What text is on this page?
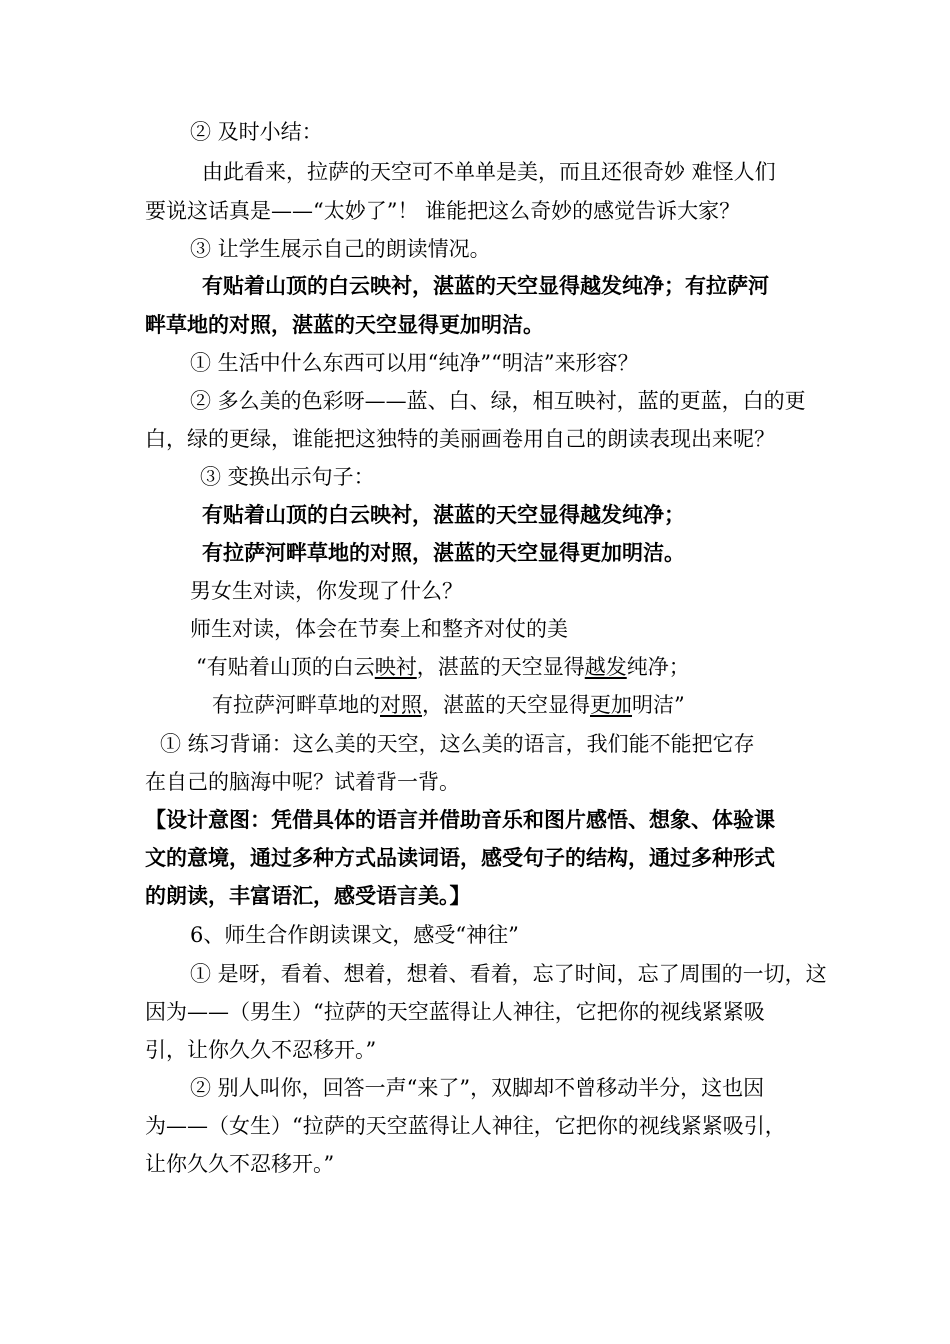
② 及时小结：
由此看来，拉萨的天空可不单单是美，而且还很奇妙 难怪人们
要说这话真是——“太妙了”！ 谁能把这么奇妙的感觉告诉大家？
③ 让学生展示自己的朗读情况。
有贴着山顶的白云映衬，湛蓝的天空显得越发纯净；有拉萨河
畔草地的对照，湛蓝的天空显得更加明洁。
① 生活中什么东西可以用“纯净”“明洁”来形容？
② 多么美的色彩呀——蓝、白、绿，相互映衬，蓝的更蓝，白的更
白，绿的更绿，谁能把这独特的美丽画卷用自己的朗读表现出来呢？
③ 变换出示句子：
有贴着山顶的白云映衬，湛蓝的天空显得越发纯净；
有拉萨河畔草地的对照，湛蓝的天空显得更加明洁。
男女生对读，你发现了什么？
师生对读，体会在节奏上和整齐对仗的美
“有贴着山顶的白云映衬，湛蓝的天空显得越发纯净；
有拉萨河畔草地的对照，湛蓝的天空显得更加明洁”
① 练习背诵：这么美的天空，这么美的语言，我们能不能把它存
在自己的脑海中呢？试着背一背。
【设计意图：凭借具体的语言并借助音乐和图片感悟、想象、体验课
文的意境，通过多种方式品读词语，感受句子的结构，通过多种形式
的朗读，丰富语汇，感受语言美。】
6、师生合作朗读课文，感受“神往”
① 是呀，看着、想着，想着、看着，忘了时间，忘了周围的一切，这
因为——（男生）“拉萨的天空蓝得让人神往，它把你的视线紧紧吸
引，让你久久不忍移开。”
② 别人叫你，回答一声“来了”，双脚却不曾移动半分，这也因
为——（女生）“拉萨的天空蓝得让人神往，它把你的视线紧紧吸引，
让你久久不忍移开。”
